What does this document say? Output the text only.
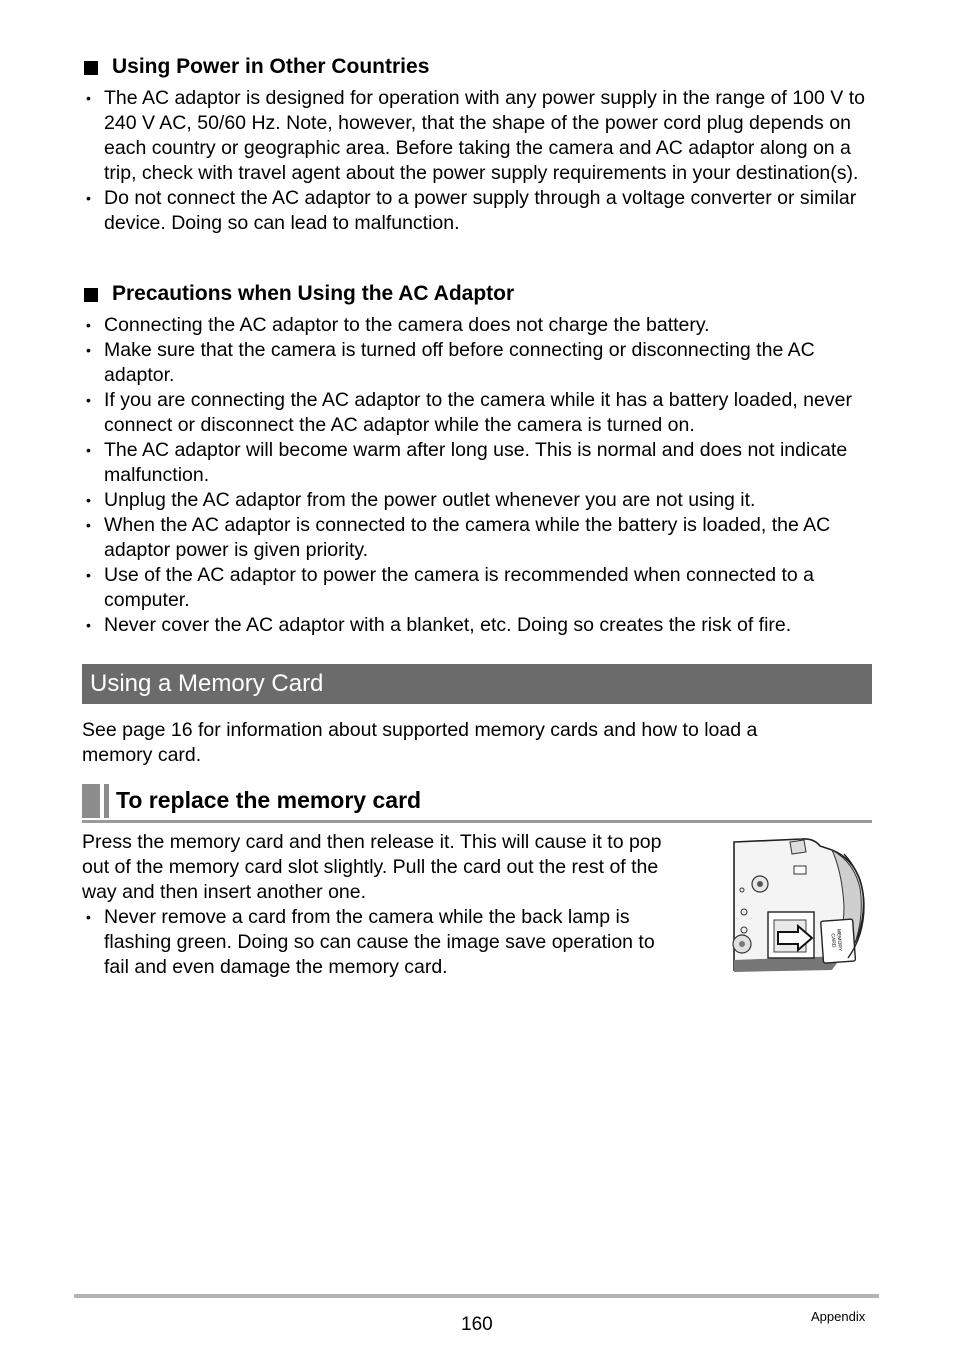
Using Power in Other Countries
• The AC adaptor is designed for operation with any power supply in the range of 100 V to 240 V AC, 50/60 Hz. Note, however, that the shape of the power cord plug depends on each country or geographic area. Before taking the camera and AC adaptor along on a trip, check with travel agent about the power supply requirements in your destination(s).
• Do not connect the AC adaptor to a power supply through a voltage converter or similar device. Doing so can lead to malfunction.
Precautions when Using the AC Adaptor
• Connecting the AC adaptor to the camera does not charge the battery.
• Make sure that the camera is turned off before connecting or disconnecting the AC adaptor.
• If you are connecting the AC adaptor to the camera while it has a battery loaded, never connect or disconnect the AC adaptor while the camera is turned on.
• The AC adaptor will become warm after long use. This is normal and does not indicate malfunction.
• Unplug the AC adaptor from the power outlet whenever you are not using it.
• When the AC adaptor is connected to the camera while the battery is loaded, the AC adaptor power is given priority.
• Use of the AC adaptor to power the camera is recommended when connected to a computer.
• Never cover the AC adaptor with a blanket, etc. Doing so creates the risk of fire.
Using a Memory Card
See page 16 for information about supported memory cards and how to load a
memory card.
To replace the memory card
Press the memory card and then release it. This will cause it to pop
out of the memory card slot slightly. Pull the card out the rest of the
way and then insert another one.
• Never remove a card from the camera while the back lamp is
flashing green. Doing so can cause the image save operation to
fail and even damage the memory card.
MEMORY
CARD
160	Appendix
